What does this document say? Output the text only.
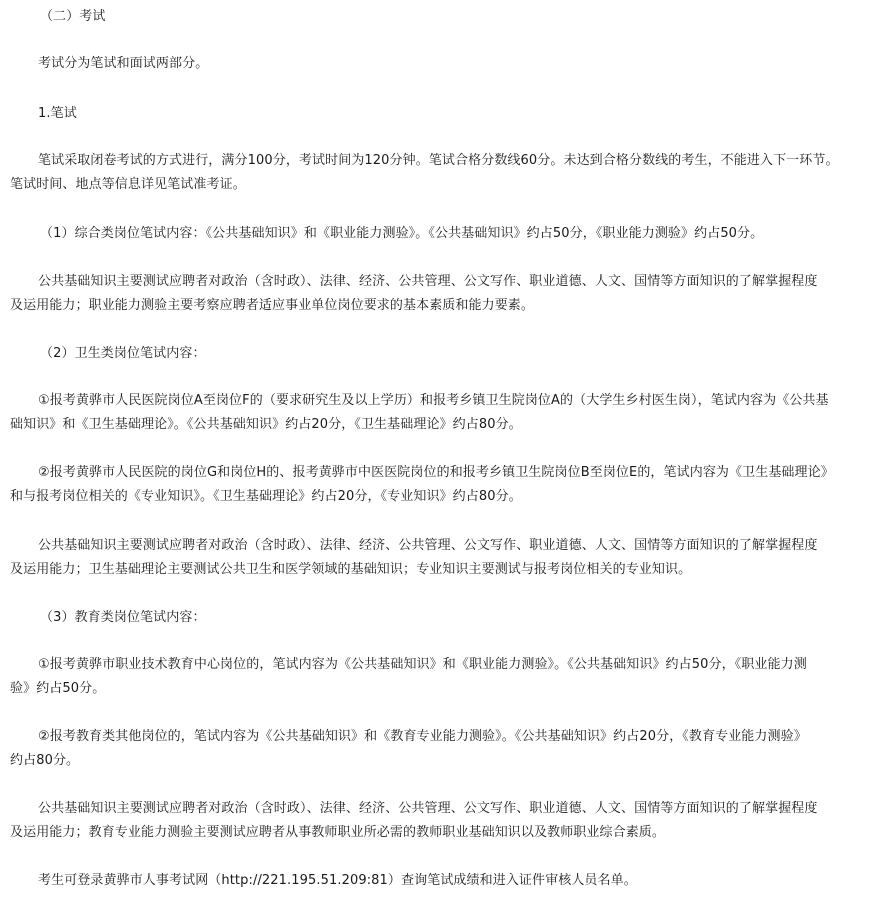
（二）考试
考试分为笔试和面试两部分。
1.笔试
笔试采取闭卷考试的方式进行，满分100分，考试时间为120分钟。笔试合格分数线60分。未达到合格分数线的考生，不能进入下一环节。
笔试时间、地点等信息详见笔试准考证。
（1）综合类岗位笔试内容：《公共基础知识》和《职业能力测验》。《公共基础知识》约占50分，《职业能力测验》约占50分。
公共基础知识主要测试应聘者对政治（含时政）、法律、经济、公共管理、公文写作、职业道德、人文、国情等方面知识的了解掌握程度
及运用能力；职业能力测验主要考察应聘者适应事业单位岗位要求的基本素质和能力要素。
（2）卫生类岗位笔试内容：
①报考黄骅市人民医院岗位A至岗位F的（要求研究生及以上学历）和报考乡镇卫生院岗位A的（大学生乡村医生岗），笔试内容为《公共基
础知识》和《卫生基础理论》。《公共基础知识》约占20分，《卫生基础理论》约占80分。
②报考黄骅市人民医院的岗位G和岗位H的、报考黄骅市中医医院岗位的和报考乡镇卫生院岗位B至岗位E的，笔试内容为《卫生基础理论》
和与报考岗位相关的《专业知识》。《卫生基础理论》约占20分，《专业知识》约占80分。
公共基础知识主要测试应聘者对政治（含时政）、法律、经济、公共管理、公文写作、职业道德、人文、国情等方面知识的了解掌握程度
及运用能力；卫生基础理论主要测试公共卫生和医学领域的基础知识；专业知识主要测试与报考岗位相关的专业知识。
（3）教育类岗位笔试内容：
①报考黄骅市职业技术教育中心岗位的，笔试内容为《公共基础知识》和《职业能力测验》。《公共基础知识》约占50分，《职业能力测
验》约占50分。
②报考教育类其他岗位的，笔试内容为《公共基础知识》和《教育专业能力测验》。《公共基础知识》约占20分，《教育专业能力测验》
约占80分。
公共基础知识主要测试应聘者对政治（含时政）、法律、经济、公共管理、公文写作、职业道德、人文、国情等方面知识的了解掌握程度
及运用能力；教育专业能力测验主要测试应聘者从事教师职业所必需的教师职业基础知识以及教师职业综合素质。
考生可登录黄骅市人事考试网（http://221.195.51.209:81）查询笔试成绩和进入证件审核人员名单。
